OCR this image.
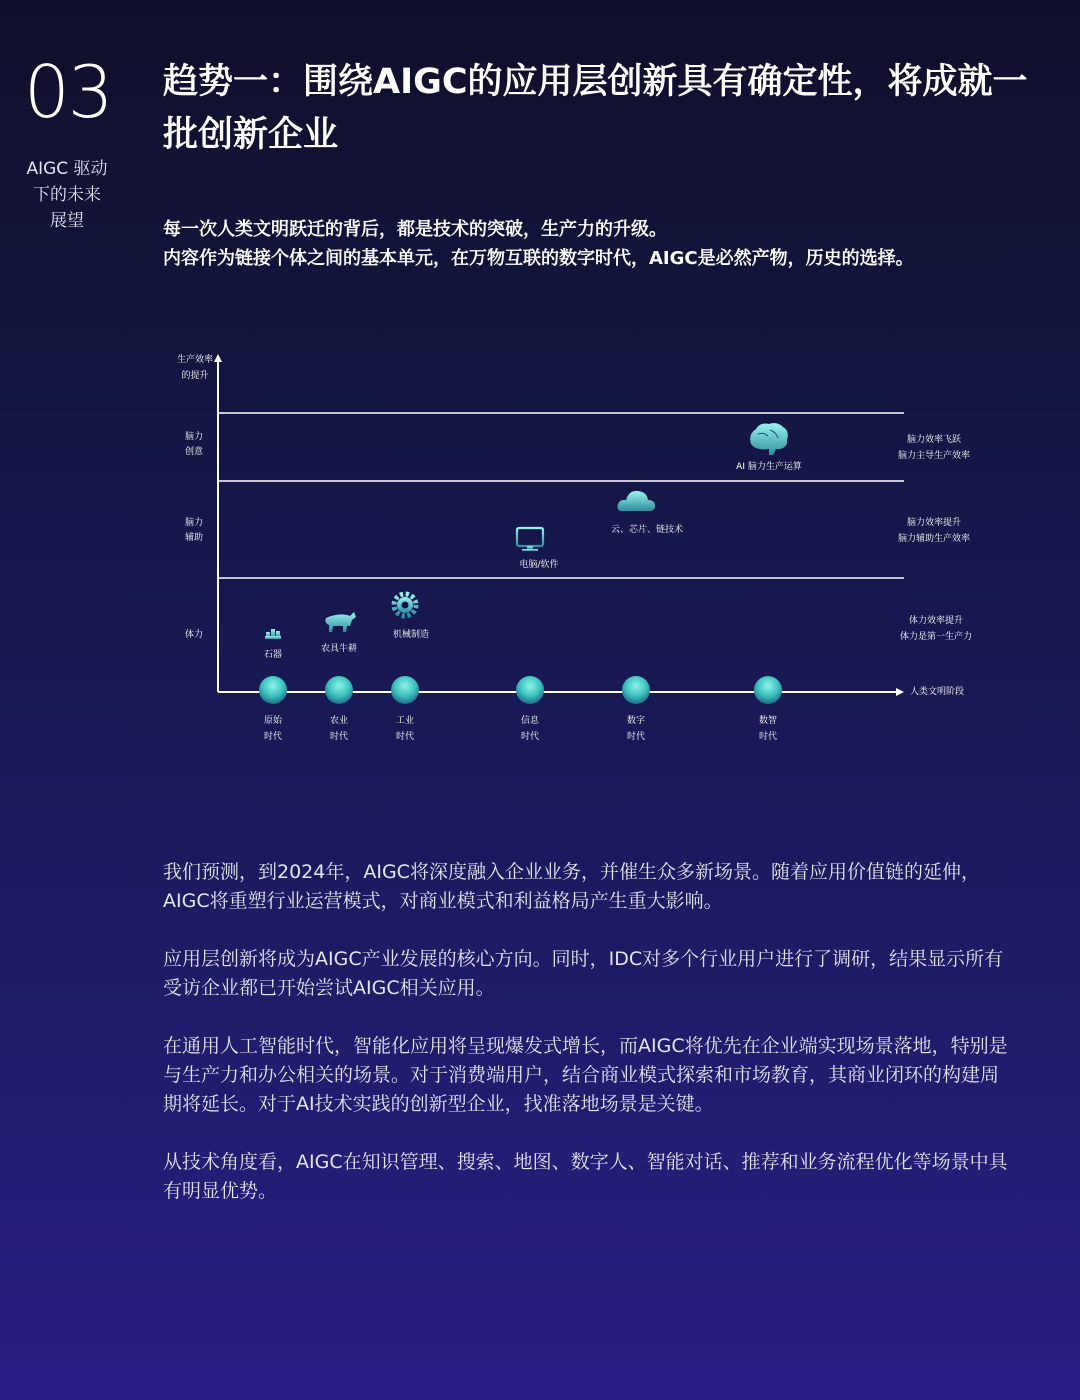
03
AIGC 驱动
下的未来
展望
趋势一：围绕AIGC的应用层创新具有确定性，将成就一批创新企业
每一次人类文明跃迁的背后，都是技术的突破，生产力的升级。
内容作为链接个体之间的基本单元，在万物互联的数字时代，AIGC是必然产物，历史的选择。
生产效率
的提升
人类文明阶段
脑力
创意
脑力
辅助
体力
脑力效率飞跃
脑力主导生产效率
脑力效率提升
脑力辅助生产效率
体力效率提升
体力是第一生产力
原始
时代
农业
时代
工业
时代
信息
时代
数字
时代
数智
时代
石器
农具牛耕
机械制造
电脑/软件
云、芯片、链技术
AI 脑力生产运算

我们预测，到2024年，AIGC将深度融入企业业务，并催生众多新场景。随着应用价值链的延伸，AIGC将重塑行业运营模式，对商业模式和利益格局产生重大影响。

应用层创新将成为AIGC产业发展的核心方向。同时，IDC对多个行业用户进行了调研，结果显示所有受访企业都已开始尝试AIGC相关应用。

在通用人工智能时代，智能化应用将呈现爆发式增长，而AIGC将优先在企业端实现场景落地，特别是与生产力和办公相关的场景。对于消费端用户，结合商业模式探索和市场教育，其商业闭环的构建周期将延长。对于AI技术实践的创新型企业，找准落地场景是关键。

从技术角度看，AIGC在知识管理、搜索、地图、数字人、智能对话、推荐和业务流程优化等场景中具有明显优势。
